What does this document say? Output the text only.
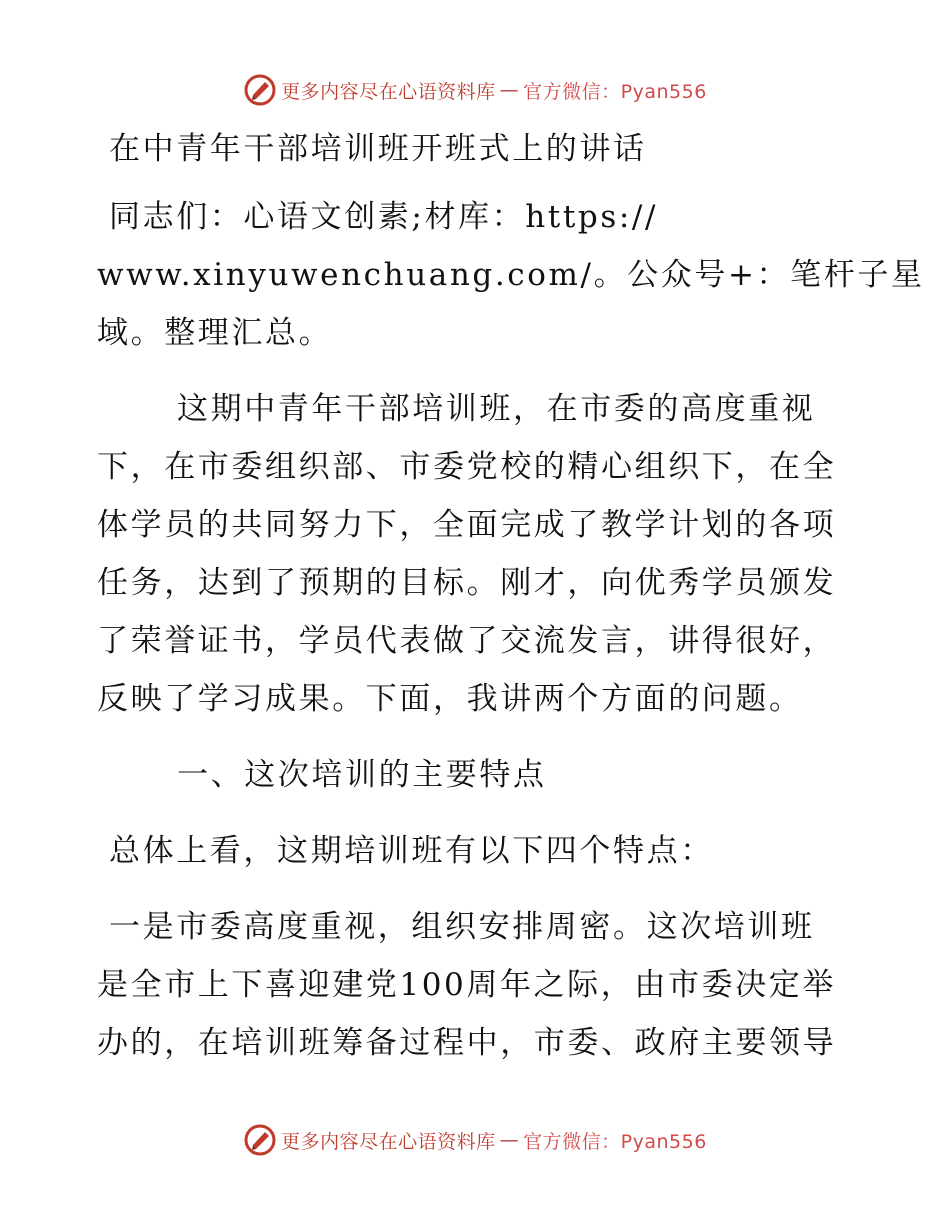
更多内容尽在心语资料库 — 官方微信：Pyan556
在中青年干部培训班开班式上的讲话
同志们：心语文创素;材库：https://
www.xinyuwenchuang.com/。公众号+：笔杆子星
域。整理汇总。
这期中青年干部培训班，在市委的高度重视
下，在市委组织部、市委党校的精心组织下，在全
体学员的共同努力下，全面完成了教学计划的各项
任务，达到了预期的目标。刚才，向优秀学员颁发
了荣誉证书，学员代表做了交流发言，讲得很好，
反映了学习成果。下面，我讲两个方面的问题。
一、这次培训的主要特点
总体上看，这期培训班有以下四个特点：
一是市委高度重视，组织安排周密。这次培训班
是全市上下喜迎建党100周年之际，由市委决定举
办的，在培训班筹备过程中，市委、政府主要领导
更多内容尽在心语资料库 — 官方微信：Pyan556
